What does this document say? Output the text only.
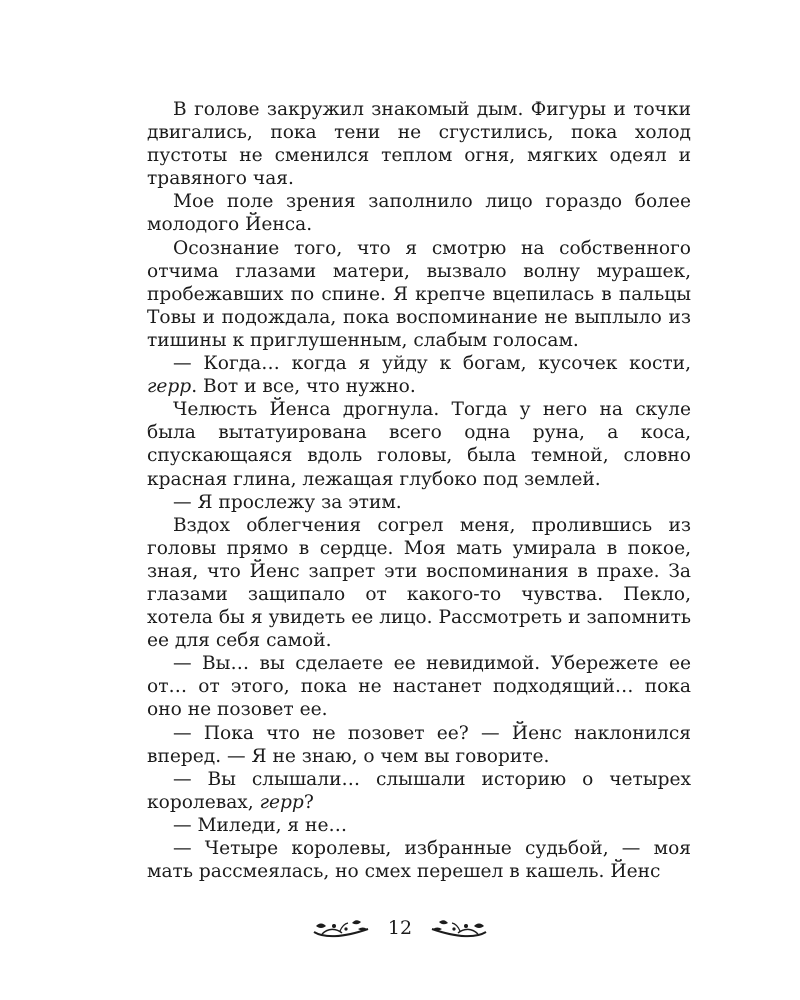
В голове закружил знакомый дым. Фигуры и точки двигались, пока тени не сгустились, пока холод пустоты не сменился теплом огня, мягких одеял и травяного чая.

Мое поле зрения заполнило лицо гораздо более молодого Йенса.

Осознание того, что я смотрю на собственного отчима глазами матери, вызвало волну мурашек, пробежавших по спине. Я крепче вцепилась в пальцы Товы и подождала, пока воспоминание не выплыло из тишины к приглушенным, слабым голосам.

— Когда… когда я уйду к богам, кусочек кости, герр. Вот и все, что нужно.

Челюсть Йенса дрогнула. Тогда у него на скуле была вытатуирована всего одна руна, а коса, спускающаяся вдоль головы, была темной, словно красная глина, лежащая глубоко под землей.

— Я прослежу за этим.

Вздох облегчения согрел меня, пролившись из головы прямо в сердце. Моя мать умирала в покое, зная, что Йенс запрет эти воспоминания в прахе. За глазами защипало от какого-то чувства. Пекло, хотела бы я увидеть ее лицо. Рассмотреть и запомнить ее для себя самой.

— Вы… вы сделаете ее невидимой. Убережете ее от… от этого, пока не настанет подходящий… пока оно не позовет ее.

— Пока что не позовет ее? — Йенс наклонился вперед. — Я не знаю, о чем вы говорите.

— Вы слышали… слышали историю о четырех королевах, герр?

— Миледи, я не…

— Четыре королевы, избранные судьбой, — моя мать рассмеялась, но смех перешел в кашель. Йенс

12
